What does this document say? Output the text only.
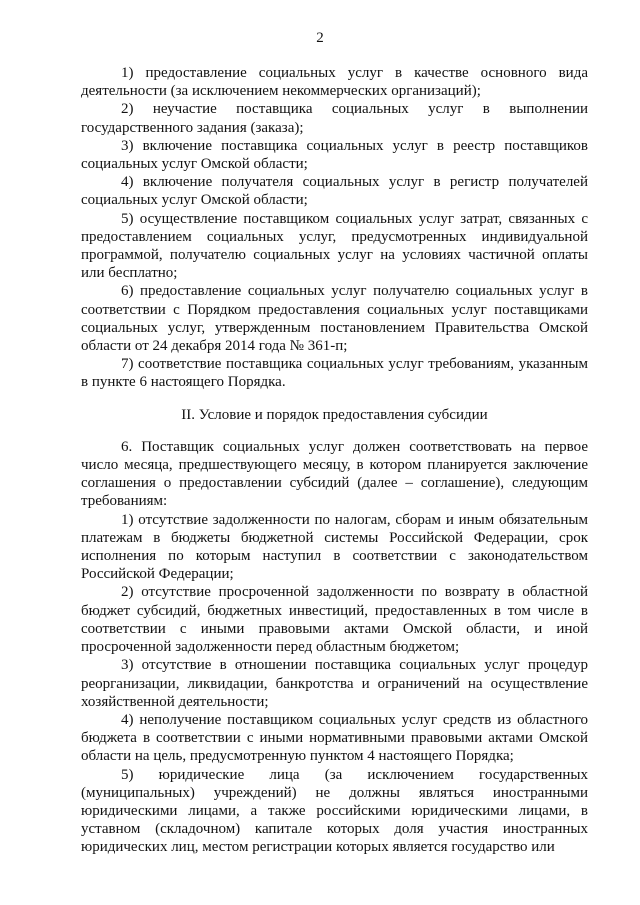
2

1) предоставление социальных услуг в качестве основного вида деятельности (за исключением некоммерческих организаций);

2) неучастие поставщика социальных услуг в выполнении государственного задания (заказа);

3) включение поставщика социальных услуг в реестр поставщиков социальных услуг Омской области;

4) включение получателя социальных услуг в регистр получателей социальных услуг Омской области;

5) осуществление поставщиком социальных услуг затрат, связанных с предоставлением социальных услуг, предусмотренных индивидуальной программой, получателю социальных услуг на условиях частичной оплаты или бесплатно;

6) предоставление социальных услуг получателю социальных услуг в соответствии с Порядком предоставления социальных услуг поставщиками социальных услуг, утвержденным постановлением Правительства Омской области от 24 декабря 2014 года № 361-п;

7) соответствие поставщика социальных услуг требованиям, указанным в пункте 6 настоящего Порядка.

II. Условие и порядок предоставления субсидии

6. Поставщик социальных услуг должен соответствовать на первое число месяца, предшествующего месяцу, в котором планируется заключение соглашения о предоставлении субсидий (далее – соглашение), следующим требованиям:

1) отсутствие задолженности по налогам, сборам и иным обязательным платежам в бюджеты бюджетной системы Российской Федерации, срок исполнения по которым наступил в соответствии с законодательством Российской Федерации;

2) отсутствие просроченной задолженности по возврату в областной бюджет субсидий, бюджетных инвестиций, предоставленных в том числе в соответствии с иными правовыми актами Омской области, и иной просроченной задолженности перед областным бюджетом;

3) отсутствие в отношении поставщика социальных услуг процедур реорганизации, ликвидации, банкротства и ограничений на осуществление хозяйственной деятельности;

4) неполучение поставщиком социальных услуг средств из областного бюджета в соответствии с иными нормативными правовыми актами Омской области на цель, предусмотренную пунктом 4 настоящего Порядка;

5) юридические лица (за исключением государственных (муниципальных) учреждений) не должны являться иностранными юридическими лицами, а также российскими юридическими лицами, в уставном (складочном) капитале которых доля участия иностранных юридических лиц, местом регистрации которых является государство или
